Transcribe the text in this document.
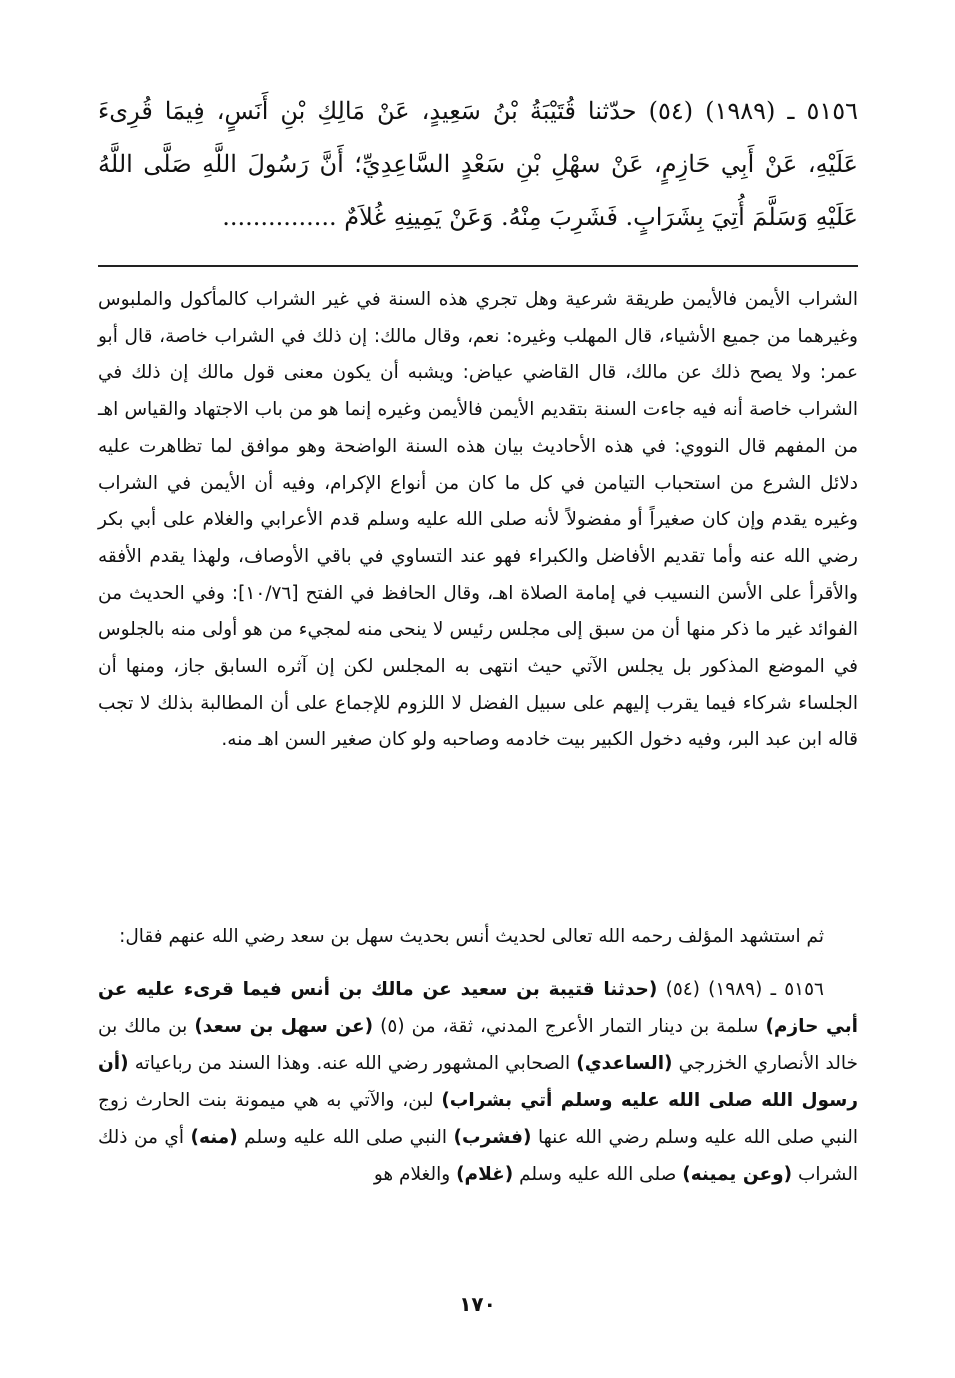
٥١٥٦ ـ (١٩٨٩) (٥٤) حدّثنا قُتَيْبَةُ بْنُ سَعِيدٍ، عَنْ مَالِكِ بْنِ أَنَسٍ، فِيمَا قُرِىءَ عَلَيْهِ، عَنْ أَبِي حَازِمٍ، عَنْ سهْلِ بْنِ سَعْدٍ السَّاعِدِيِّ؛ أَنَّ رَسُولَ اللَّهِ صَلَّى اللَّهُ عَلَيْهِ وَسَلَّمَ أُتِيَ بِشَرَابٍ. فَشَرِبَ مِنْهُ. وَعَنْ يَمِينِهِ غُلاَمٌ ...............

الشراب الأيمن فالأيمن طريقة شرعية وهل تجري هذه السنة في غير الشراب كالمأكول والملبوس وغيرهما من جميع الأشياء، قال المهلب وغيره: نعم، وقال مالك: إن ذلك في الشراب خاصة، قال أبو عمر: ولا يصح ذلك عن مالك، قال القاضي عياض: ويشبه أن يكون معنى قول مالك إن ذلك في الشراب خاصة أنه فيه جاءت السنة بتقديم الأيمن فالأيمن وغيره إنما هو من باب الاجتهاد والقياس اهـ من المفهم قال النووي: في هذه الأحاديث بيان هذه السنة الواضحة وهو موافق لما تظاهرت عليه دلائل الشرع من استحباب التيامن في كل ما كان من أنواع الإكرام، وفيه أن الأيمن في الشراب وغيره يقدم وإن كان صغيراً أو مفضولاً لأنه صلى الله عليه وسلم قدم الأعرابي والغلام على أبي بكر رضي الله عنه وأما تقديم الأفاضل والكبراء فهو عند التساوي في باقي الأوصاف، ولهذا يقدم الأفقه والأقرأ على الأسن النسيب في إمامة الصلاة اهـ، وقال الحافظ في الفتح [١٠/٧٦]: وفي الحديث من الفوائد غير ما ذكر منها أن من سبق إلى مجلس رئيس لا ينحى منه لمجيء من هو أولى منه بالجلوس في الموضع المذكور بل يجلس الآتي حيث انتهى به المجلس لكن إن آثره السابق جاز، ومنها أن الجلساء شركاء فيما يقرب إليهم على سبيل الفضل لا اللزوم للإجماع على أن المطالبة بذلك لا تجب قاله ابن عبد البر، وفيه دخول الكبير بيت خادمه وصاحبه ولو كان صغير السن اهـ منه.

ثم استشهد المؤلف رحمه الله تعالى لحديث أنس بحديث سهل بن سعد رضي الله عنهم فقال:

٥١٥٦ ـ (١٩٨٩) (٥٤) (حدثنا قتيبة بن سعيد عن مالك بن أنس فيما قرىء عليه عن أبي حازم) سلمة بن دينار التمار الأعرج المدني، ثقة، من (٥) (عن سهل بن سعد) بن مالك بن خالد الأنصاري الخزرجي (الساعدي) الصحابي المشهور رضي الله عنه. وهذا السند من رباعياته (أن رسول الله صلى الله عليه وسلم أتي بشراب) لبن، والآتي به هي ميمونة بنت الحارث زوج النبي صلى الله عليه وسلم رضي الله عنها (فشرب) النبي صلى الله عليه وسلم (منه) أي من ذلك الشراب (وعن يمينه) صلى الله عليه وسلم (غلام) والغلام هو

١٧٠
